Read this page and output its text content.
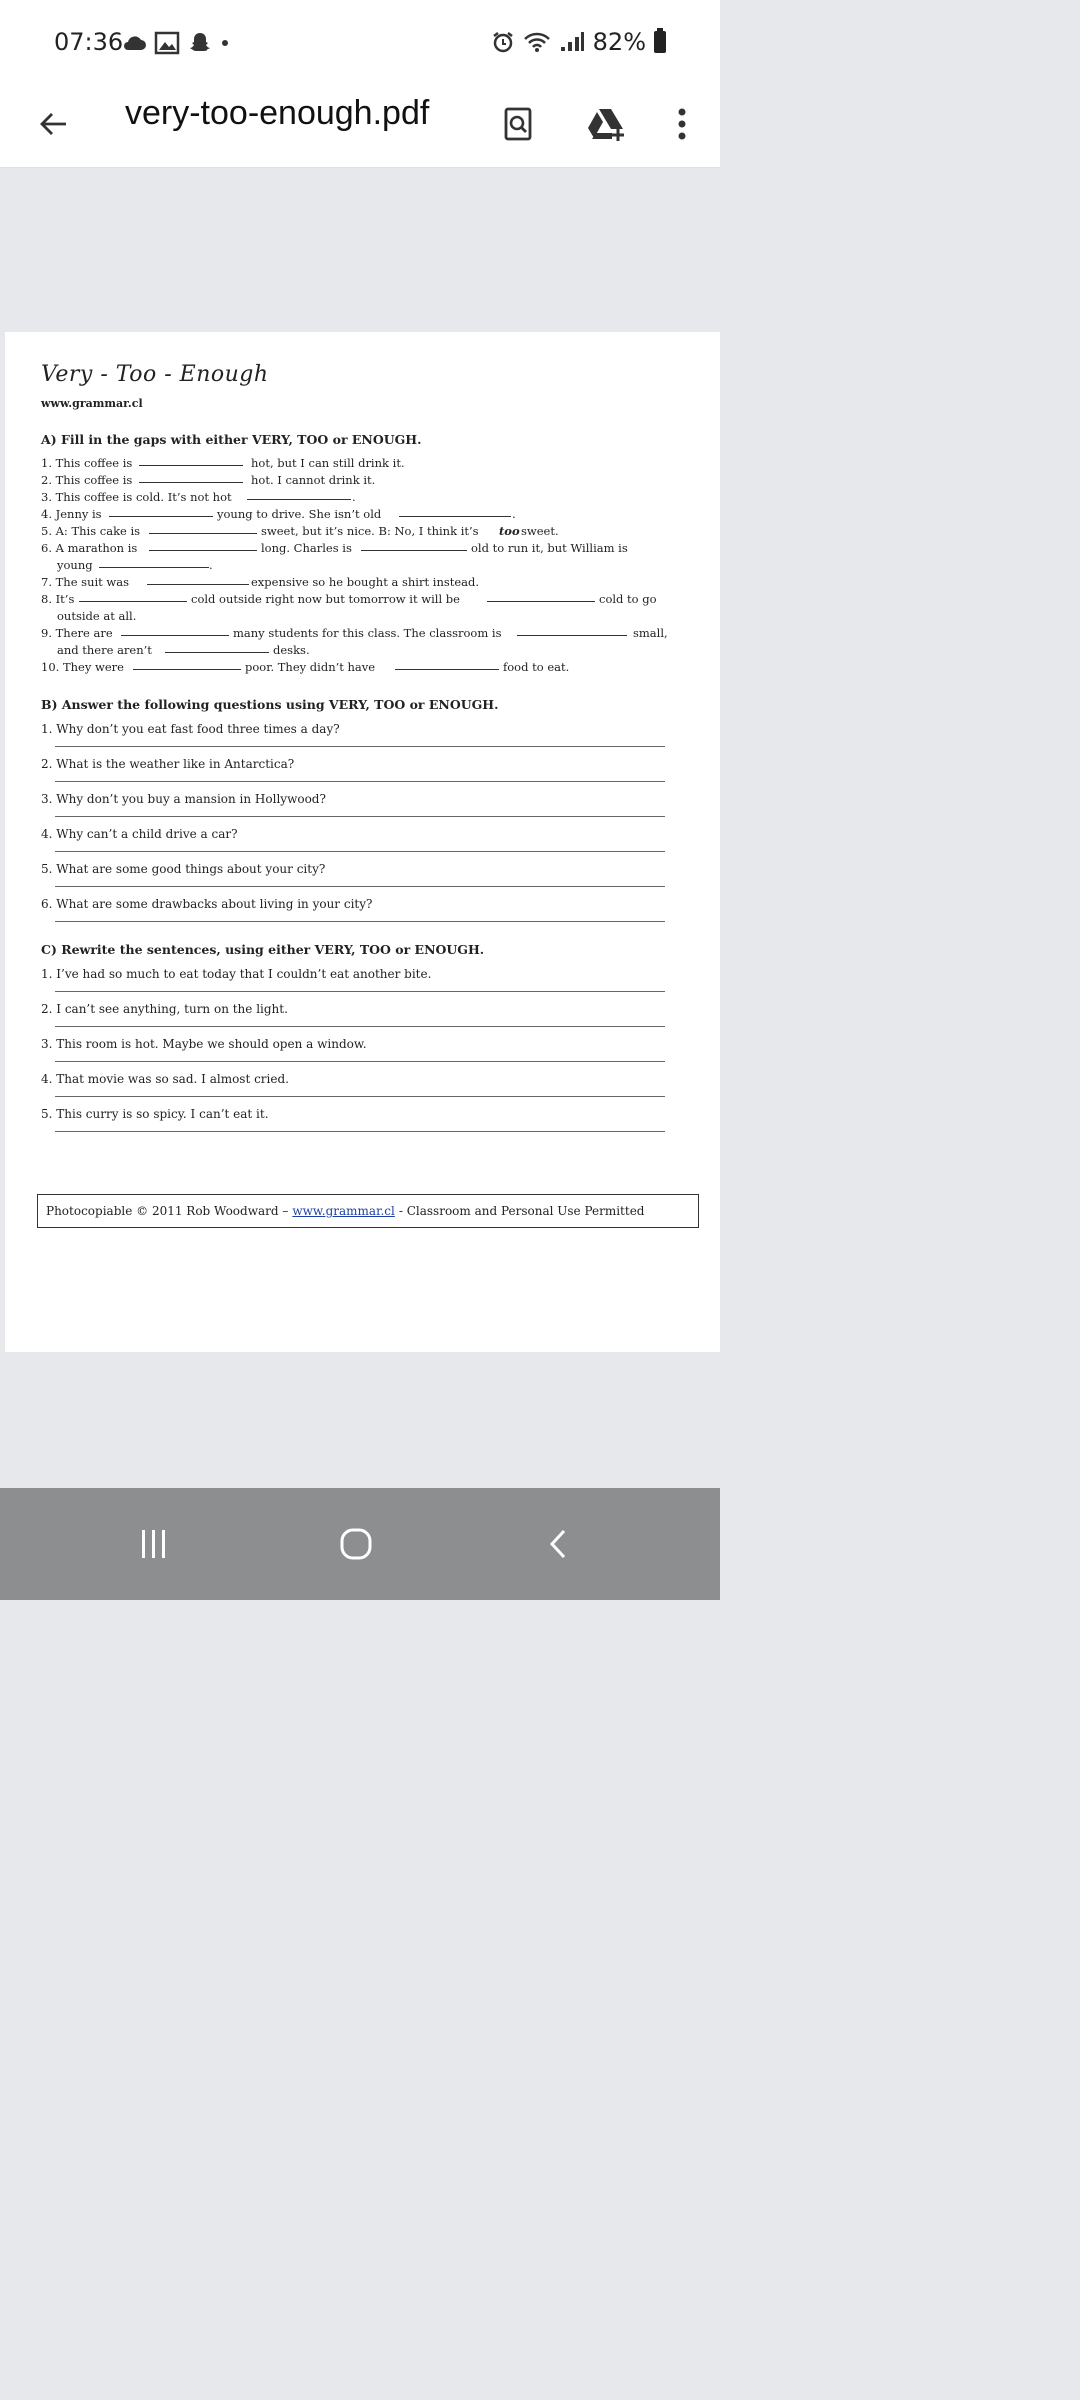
07:36	82%
very-too-enough.pdf
Very - Too - Enough
www.grammar.cl
A) Fill in the gaps with either VERY, TOO or ENOUGH.
1. This coffee is	hot, but I can still drink it.
2. This coffee is	hot. I cannot drink it.
3. This coffee is cold. It’s not hot	.
4. Jenny is	young to drive. She isn’t old	.
5. A: This cake is	sweet, but it’s nice. B: No, I think it’s too sweet.
6. A marathon is	long. Charles is	old to run it, but William is
young	.
7. The suit was	expensive so he bought a shirt instead.
8. It’s	cold outside right now but tomorrow it will be	cold to go
outside at all.
9. There are	many students for this class. The classroom is	small,
and there aren’t	desks.
10. They were	poor. They didn’t have	food to eat.
B) Answer the following questions using VERY, TOO or ENOUGH.
1. Why don’t you eat fast food three times a day?
2. What is the weather like in Antarctica?
3. Why don’t you buy a mansion in Hollywood?
4. Why can’t a child drive a car?
5. What are some good things about your city?
6. What are some drawbacks about living in your city?
C) Rewrite the sentences, using either VERY, TOO or ENOUGH.
1. I’ve had so much to eat today that I couldn’t eat another bite.
2. I can’t see anything, turn on the light.
3. This room is hot. Maybe we should open a window.
4. That movie was so sad. I almost cried.
5. This curry is so spicy. I can’t eat it.
Photocopiable © 2011 Rob Woodward – www.grammar.cl - Classroom and Personal Use Permitted
